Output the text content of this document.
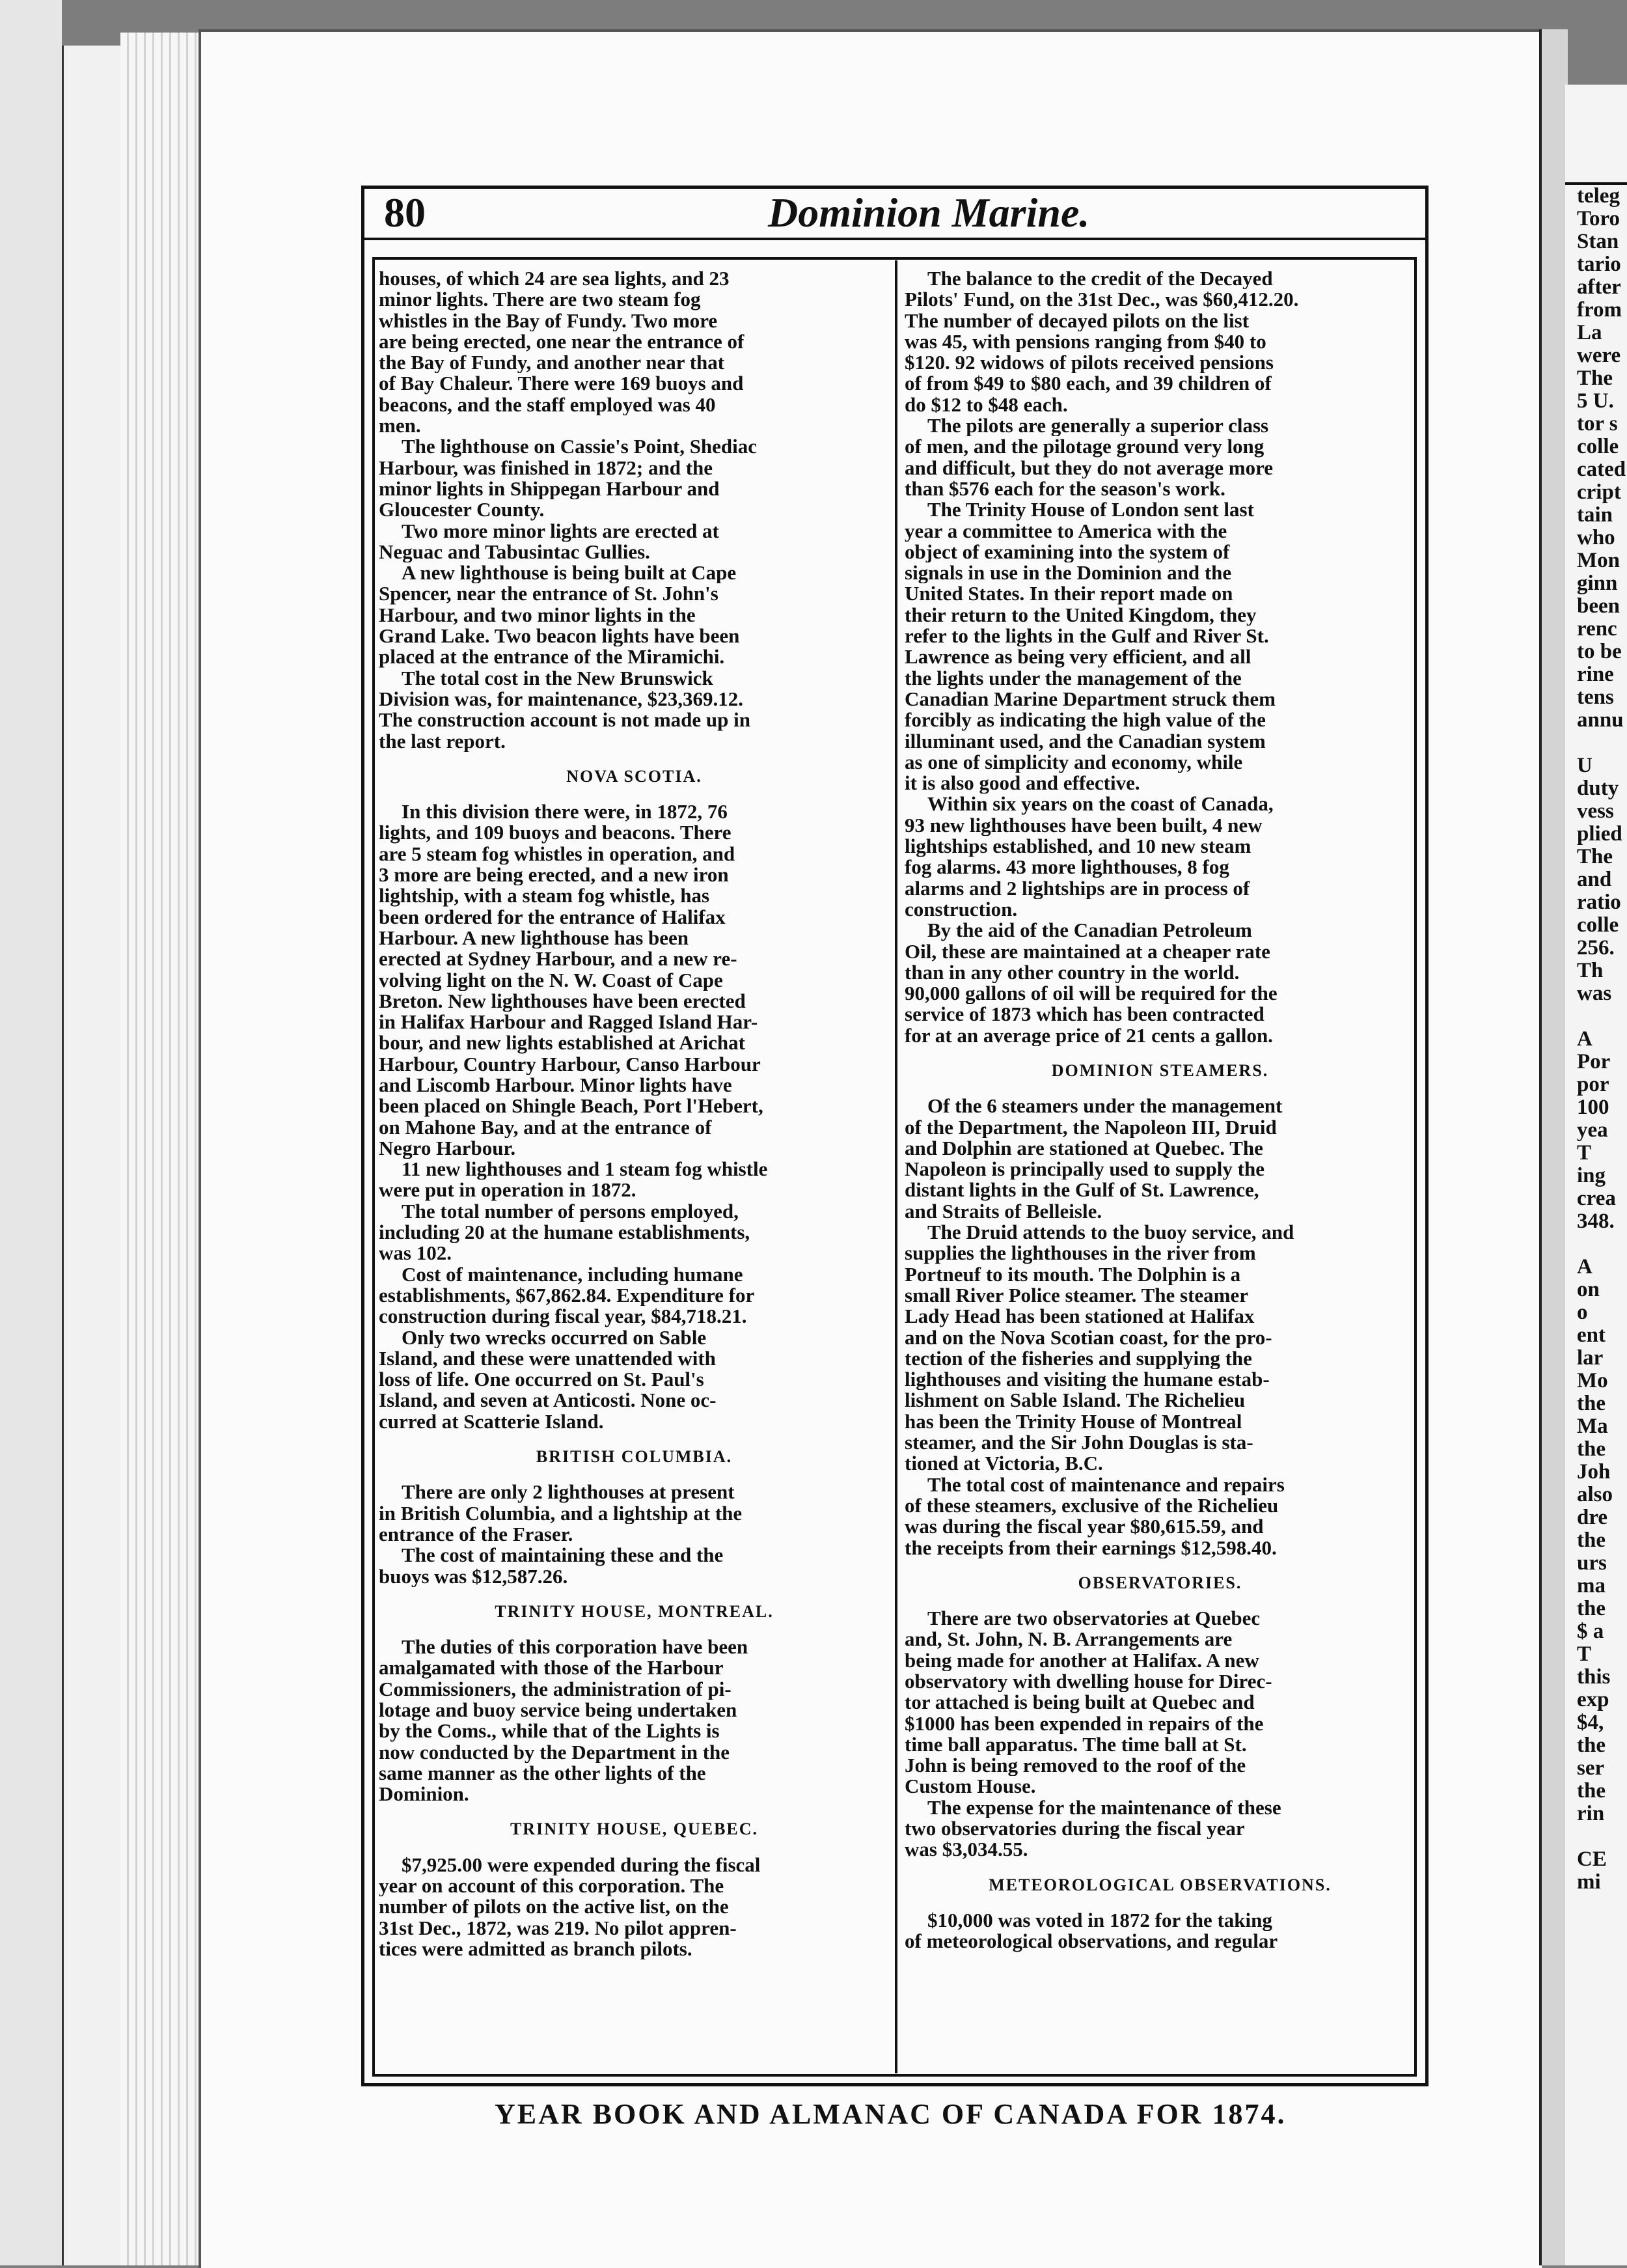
teleg
Toro
Stan
tario
after
from
La
were
The
5 U.
tor s
colle
cated
cript
tain
who
Mon
ginn
been
renc
to be
rine
tens
annu
U
duty
vess
plied
The
and
ratio
colle
256.
Th
was
A
Por
por
100
yea
T
ing
crea
348.
A
on
o
ent
lar
Mo
the
Ma
the
Joh
also
dre
the
urs
ma
the
$ a
T
this
exp
$4,
the
ser
the
rin
CE
mi
80	Dominion Marine.
houses, of which 24 are sea lights, and 23
minor lights. There are two steam fog
whistles in the Bay of Fundy. Two more
are being erected, one near the entrance of
the Bay of Fundy, and another near that
of Bay Chaleur. There were 169 buoys and
beacons, and the staff employed was 40
men.
The lighthouse on Cassie's Point, Shediac
Harbour, was finished in 1872; and the
minor lights in Shippegan Harbour and
Gloucester County.
Two more minor lights are erected at
Neguac and Tabusintac Gullies.
A new lighthouse is being built at Cape
Spencer, near the entrance of St. John's
Harbour, and two minor lights in the
Grand Lake. Two beacon lights have been
placed at the entrance of the Miramichi.
The total cost in the New Brunswick
Division was, for maintenance, $23,369.12.
The construction account is not made up in
the last report.
NOVA SCOTIA.
In this division there were, in 1872, 76
lights, and 109 buoys and beacons. There
are 5 steam fog whistles in operation, and
3 more are being erected, and a new iron
lightship, with a steam fog whistle, has
been ordered for the entrance of Halifax
Harbour. A new lighthouse has been
erected at Sydney Harbour, and a new re-
volving light on the N. W. Coast of Cape
Breton. New lighthouses have been erected
in Halifax Harbour and Ragged Island Har-
bour, and new lights established at Arichat
Harbour, Country Harbour, Canso Harbour
and Liscomb Harbour. Minor lights have
been placed on Shingle Beach, Port l'Hebert,
on Mahone Bay, and at the entrance of
Negro Harbour.
11 new lighthouses and 1 steam fog whistle
were put in operation in 1872.
The total number of persons employed,
including 20 at the humane establishments,
was 102.
Cost of maintenance, including humane
establishments, $67,862.84. Expenditure for
construction during fiscal year, $84,718.21.
Only two wrecks occurred on Sable
Island, and these were unattended with
loss of life. One occurred on St. Paul's
Island, and seven at Anticosti. None oc-
curred at Scatterie Island.
BRITISH COLUMBIA.
There are only 2 lighthouses at present
in British Columbia, and a lightship at the
entrance of the Fraser.
The cost of maintaining these and the
buoys was $12,587.26.
TRINITY HOUSE, MONTREAL.
The duties of this corporation have been
amalgamated with those of the Harbour
Commissioners, the administration of pi-
lotage and buoy service being undertaken
by the Coms., while that of the Lights is
now conducted by the Department in the
same manner as the other lights of the
Dominion.
TRINITY HOUSE, QUEBEC.
$7,925.00 were expended during the fiscal
year on account of this corporation. The
number of pilots on the active list, on the
31st Dec., 1872, was 219. No pilot appren-
tices were admitted as branch pilots.
The balance to the credit of the Decayed
Pilots' Fund, on the 31st Dec., was $60,412.20.
The number of decayed pilots on the list
was 45, with pensions ranging from $40 to
$120. 92 widows of pilots received pensions
of from $49 to $80 each, and 39 children of
do $12 to $48 each.
The pilots are generally a superior class
of men, and the pilotage ground very long
and difficult, but they do not average more
than $576 each for the season's work.
The Trinity House of London sent last
year a committee to America with the
object of examining into the system of
signals in use in the Dominion and the
United States. In their report made on
their return to the United Kingdom, they
refer to the lights in the Gulf and River St.
Lawrence as being very efficient, and all
the lights under the management of the
Canadian Marine Department struck them
forcibly as indicating the high value of the
illuminant used, and the Canadian system
as one of simplicity and economy, while
it is also good and effective.
Within six years on the coast of Canada,
93 new lighthouses have been built, 4 new
lightships established, and 10 new steam
fog alarms. 43 more lighthouses, 8 fog
alarms and 2 lightships are in process of
construction.
By the aid of the Canadian Petroleum
Oil, these are maintained at a cheaper rate
than in any other country in the world.
90,000 gallons of oil will be required for the
service of 1873 which has been contracted
for at an average price of 21 cents a gallon.
DOMINION STEAMERS.
Of the 6 steamers under the management
of the Department, the Napoleon III, Druid
and Dolphin are stationed at Quebec. The
Napoleon is principally used to supply the
distant lights in the Gulf of St. Lawrence,
and Straits of Belleisle.
The Druid attends to the buoy service, and
supplies the lighthouses in the river from
Portneuf to its mouth. The Dolphin is a
small River Police steamer. The steamer
Lady Head has been stationed at Halifax
and on the Nova Scotian coast, for the pro-
tection of the fisheries and supplying the
lighthouses and visiting the humane estab-
lishment on Sable Island. The Richelieu
has been the Trinity House of Montreal
steamer, and the Sir John Douglas is sta-
tioned at Victoria, B.C.
The total cost of maintenance and repairs
of these steamers, exclusive of the Richelieu
was during the fiscal year $80,615.59, and
the receipts from their earnings $12,598.40.
OBSERVATORIES.
There are two observatories at Quebec
and, St. John, N. B. Arrangements are
being made for another at Halifax. A new
observatory with dwelling house for Direc-
tor attached is being built at Quebec and
$1000 has been expended in repairs of the
time ball apparatus. The time ball at St.
John is being removed to the roof of the
Custom House.
The expense for the maintenance of these
two observatories during the fiscal year
was $3,034.55.
METEOROLOGICAL OBSERVATIONS.
$10,000 was voted in 1872 for the taking
of meteorological observations, and regular
YEAR BOOK AND ALMANAC OF CANADA FOR 1874.
